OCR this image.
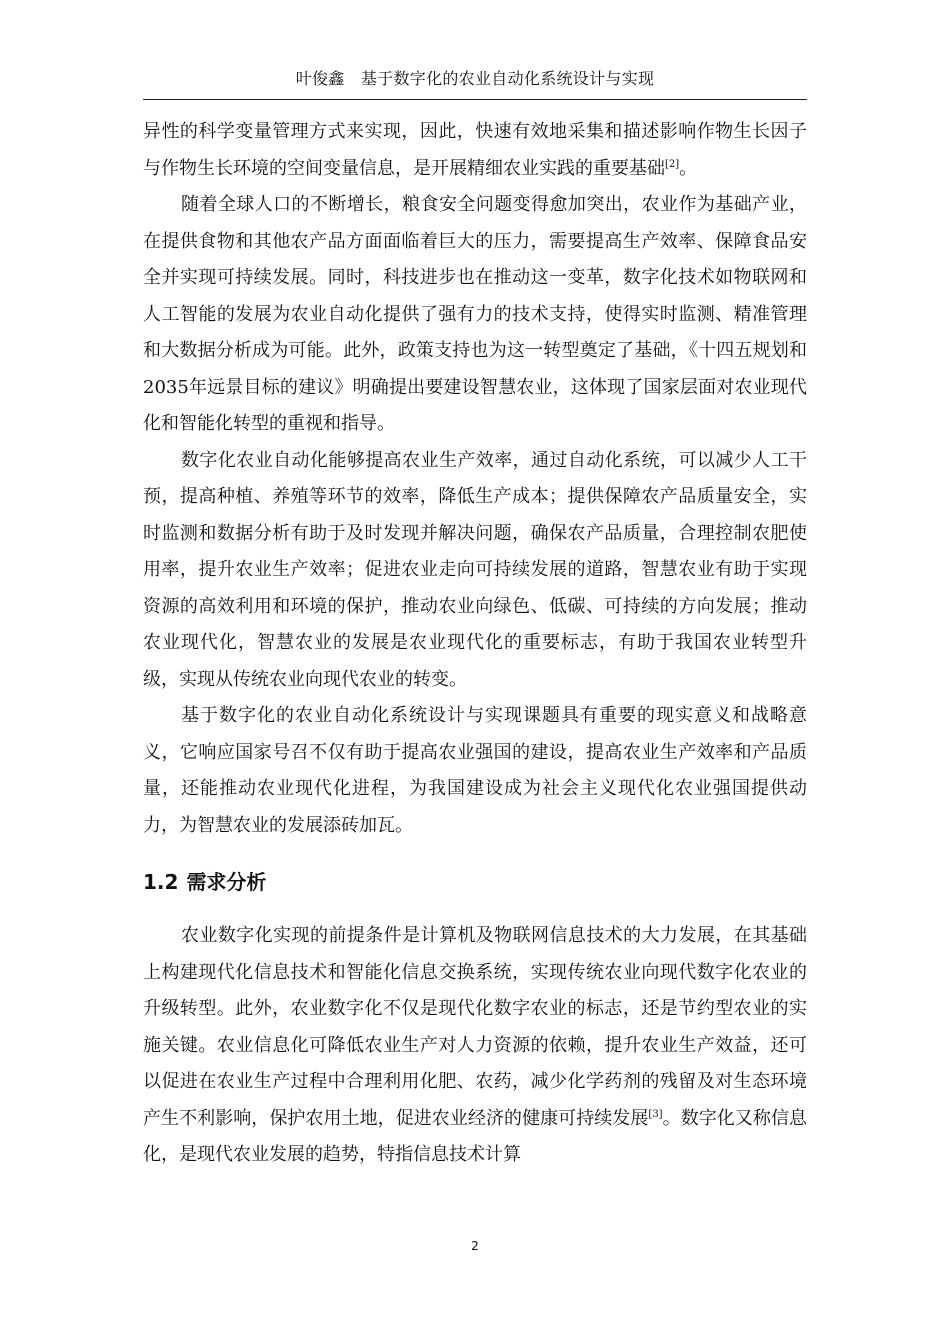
叶俊鑫　基于数字化的农业自动化系统设计与实现

异性的科学变量管理方式来实现，因此，快速有效地采集和描述影响作物生长因子与作物生长环境的空间变量信息，是开展精细农业实践的重要基础[2]。

随着全球人口的不断增长，粮食安全问题变得愈加突出，农业作为基础产业，在提供食物和其他农产品方面面临着巨大的压力，需要提高生产效率、保障食品安全并实现可持续发展。同时，科技进步也在推动这一变革，数字化技术如物联网和人工智能的发展为农业自动化提供了强有力的技术支持，使得实时监测、精准管理和大数据分析成为可能。此外，政策支持也为这一转型奠定了基础，《十四五规划和2035年远景目标的建议》明确提出要建设智慧农业，这体现了国家层面对农业现代化和智能化转型的重视和指导。

数字化农业自动化能够提高农业生产效率，通过自动化系统，可以减少人工干预，提高种植、养殖等环节的效率，降低生产成本；提供保障农产品质量安全，实时监测和数据分析有助于及时发现并解决问题，确保农产品质量，合理控制农肥使用率，提升农业生产效率；促进农业走向可持续发展的道路，智慧农业有助于实现资源的高效利用和环境的保护，推动农业向绿色、低碳、可持续的方向发展；推动农业现代化，智慧农业的发展是农业现代化的重要标志，有助于我国农业转型升级，实现从传统农业向现代农业的转变。

基于数字化的农业自动化系统设计与实现课题具有重要的现实意义和战略意义，它响应国家号召不仅有助于提高农业强国的建设，提高农业生产效率和产品质量，还能推动农业现代化进程，为我国建设成为社会主义现代化农业强国提供动力，为智慧农业的发展添砖加瓦。

1.2 需求分析

农业数字化实现的前提条件是计算机及物联网信息技术的大力发展，在其基础上构建现代化信息技术和智能化信息交换系统，实现传统农业向现代数字化农业的升级转型。此外，农业数字化不仅是现代化数字农业的标志，还是节约型农业的实施关键。农业信息化可降低农业生产对人力资源的依赖，提升农业生产效益，还可以促进在农业生产过程中合理利用化肥、农药，减少化学药剂的残留及对生态环境产生不利影响，保护农用土地，促进农业经济的健康可持续发展[3]。数字化又称信息化，是现代农业发展的趋势，特指信息技术计算

2
